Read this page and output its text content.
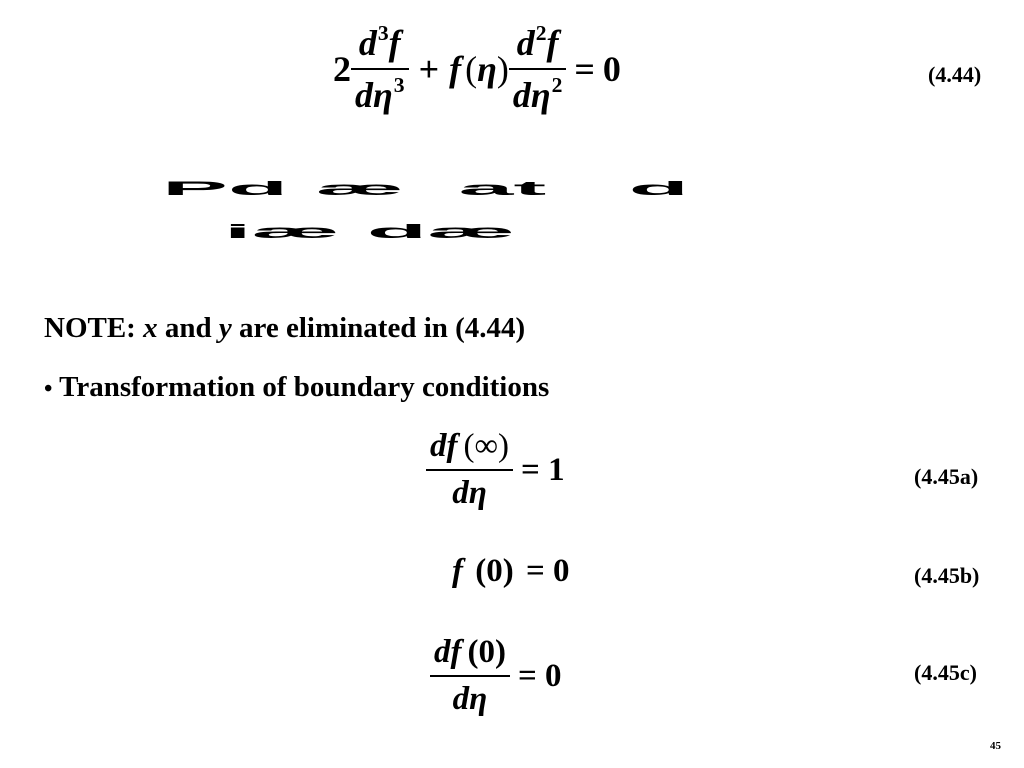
$2 \frac{d^3f}{d\eta^3} + f$ ( η ) $\frac{d^2f}{d\eta^2} = 0$	(4.44)
Pd æ  at   d
iæ dæ
NOTE: x and y are eliminated in (4.44)
• Transformation of boundary conditions
$\frac{df (\infty)}{d\eta} = 1$	(4.45a)
f (0) = 0	(4.45b)
$\frac{df (0)}{d\eta} = 0$	(4.45c)
45
